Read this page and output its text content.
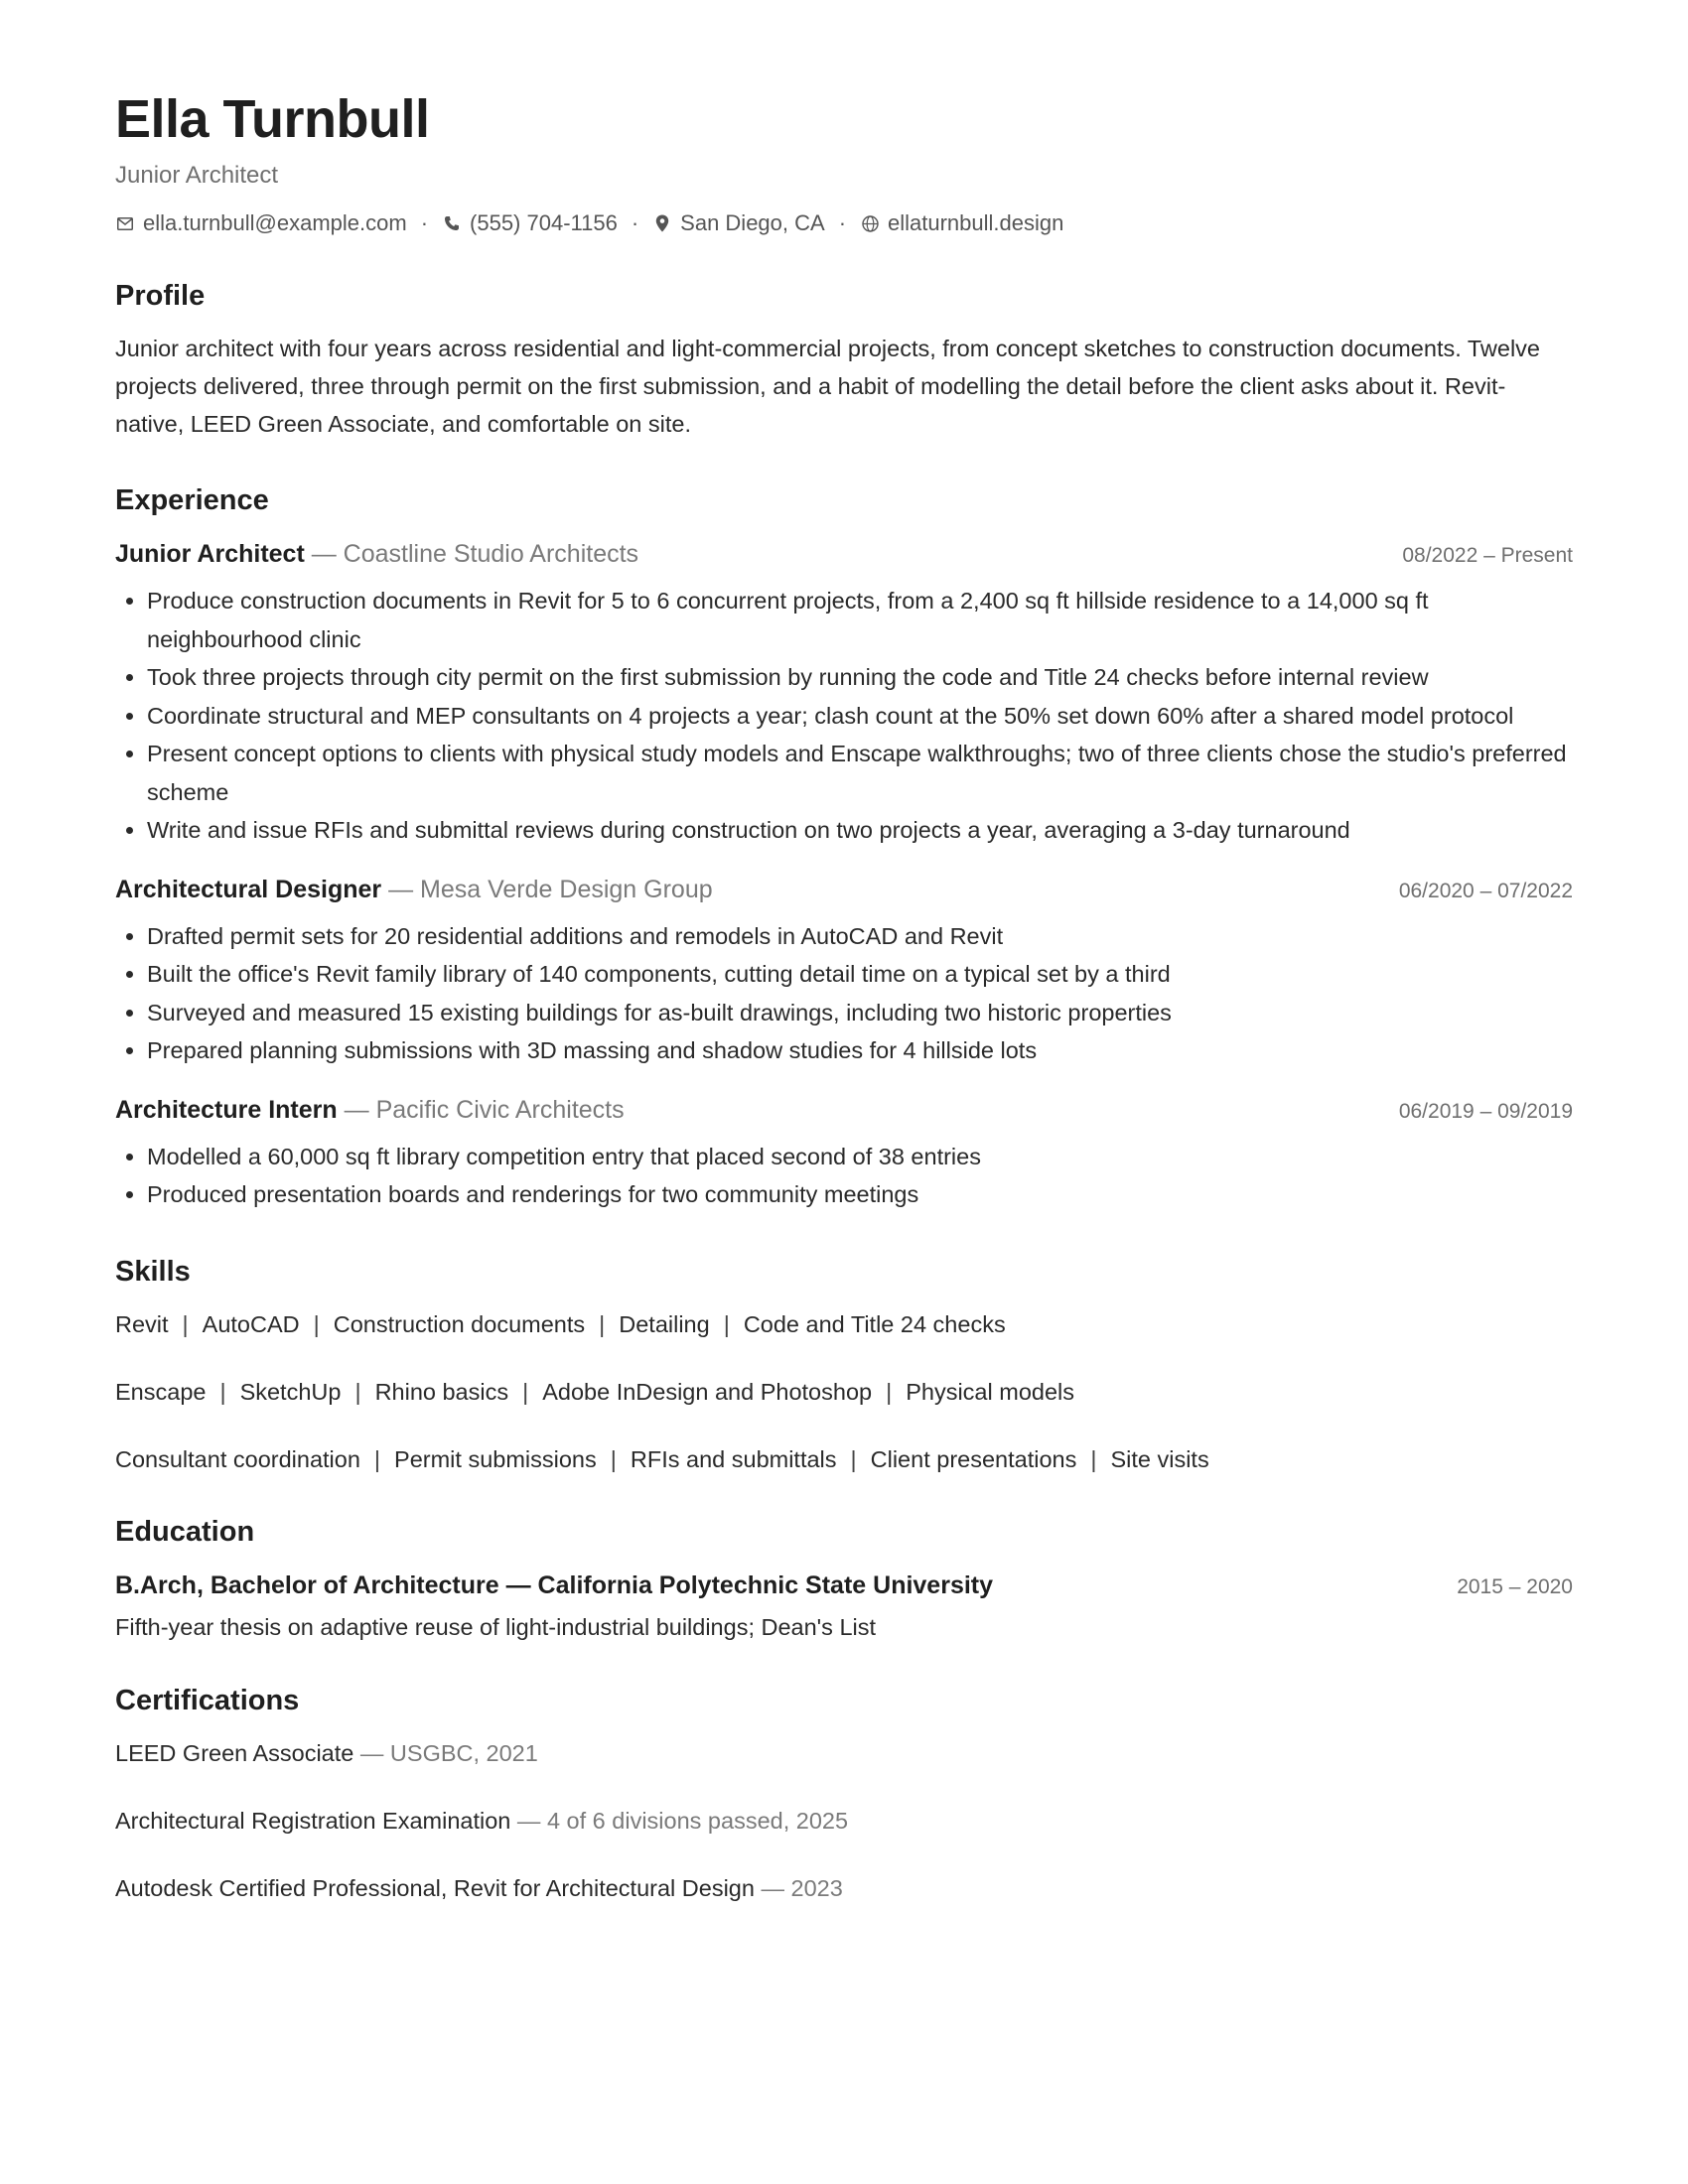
Ella Turnbull
Junior Architect
ella.turnbull@example.com · (555) 704-1156 · San Diego, CA · ellaturnbull.design
Profile
Junior architect with four years across residential and light-commercial projects, from concept sketches to construction documents. Twelve projects delivered, three through permit on the first submission, and a habit of modelling the detail before the client asks about it. Revit-native, LEED Green Associate, and comfortable on site.
Experience
Junior Architect — Coastline Studio Architects	08/2022 – Present
• Produce construction documents in Revit for 5 to 6 concurrent projects, from a 2,400 sq ft hillside residence to a 14,000 sq ft neighbourhood clinic
• Took three projects through city permit on the first submission by running the code and Title 24 checks before internal review
• Coordinate structural and MEP consultants on 4 projects a year; clash count at the 50% set down 60% after a shared model protocol
• Present concept options to clients with physical study models and Enscape walkthroughs; two of three clients chose the studio's preferred scheme
• Write and issue RFIs and submittal reviews during construction on two projects a year, averaging a 3-day turnaround
Architectural Designer — Mesa Verde Design Group	06/2020 – 07/2022
• Drafted permit sets for 20 residential additions and remodels in AutoCAD and Revit
• Built the office's Revit family library of 140 components, cutting detail time on a typical set by a third
• Surveyed and measured 15 existing buildings for as-built drawings, including two historic properties
• Prepared planning submissions with 3D massing and shadow studies for 4 hillside lots
Architecture Intern — Pacific Civic Architects	06/2019 – 09/2019
• Modelled a 60,000 sq ft library competition entry that placed second of 38 entries
• Produced presentation boards and renderings for two community meetings
Skills
Revit | AutoCAD | Construction documents | Detailing | Code and Title 24 checks
Enscape | SketchUp | Rhino basics | Adobe InDesign and Photoshop | Physical models
Consultant coordination | Permit submissions | RFIs and submittals | Client presentations | Site visits
Education
B.Arch, Bachelor of Architecture — California Polytechnic State University	2015 – 2020
Fifth-year thesis on adaptive reuse of light-industrial buildings; Dean's List
Certifications
LEED Green Associate — USGBC, 2021
Architectural Registration Examination — 4 of 6 divisions passed, 2025
Autodesk Certified Professional, Revit for Architectural Design — 2023
